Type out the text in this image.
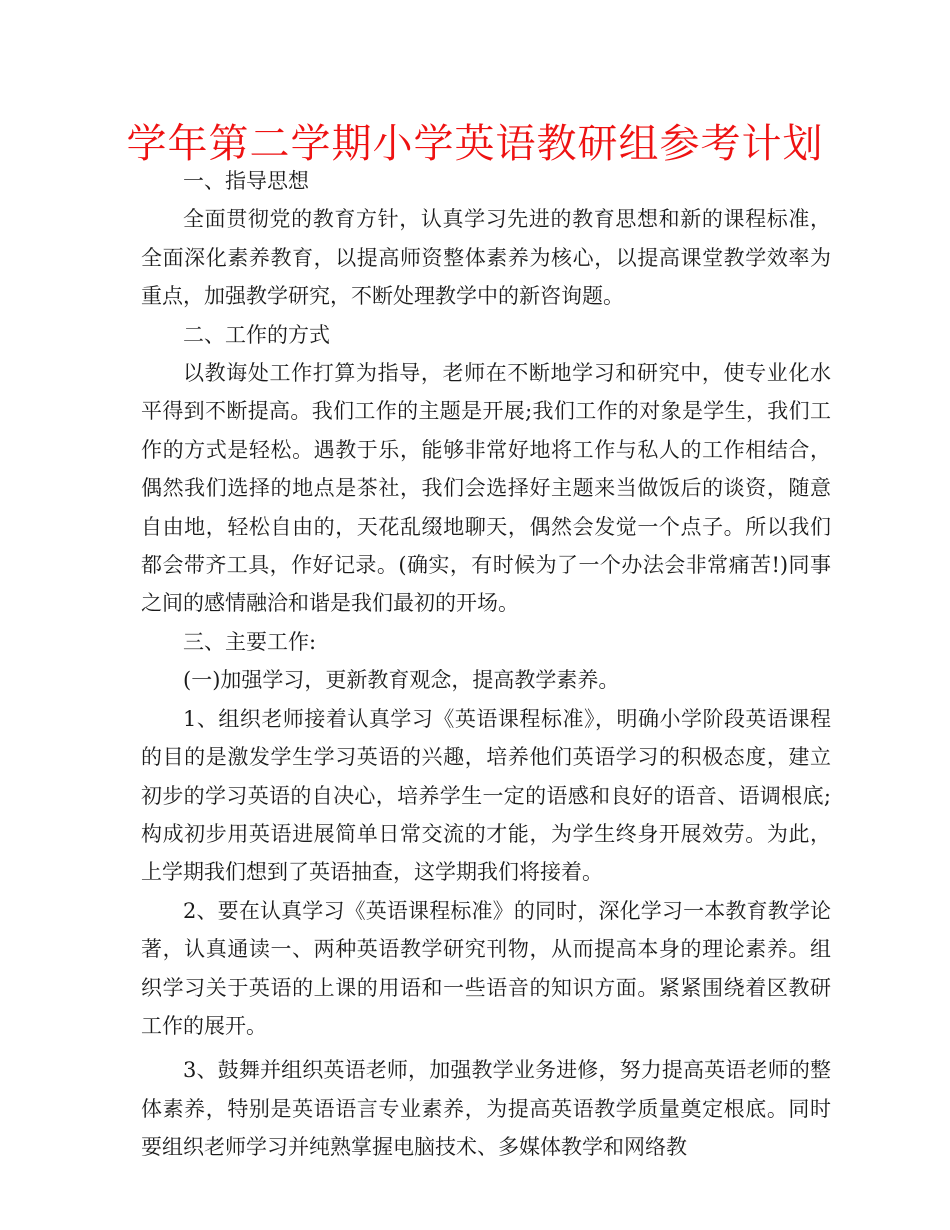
学年第二学期小学英语教研组参考计划

一、指导思想

全面贯彻党的教育方针，认真学习先进的教育思想和新的课程标准，全面深化素养教育，以提高师资整体素养为核心，以提高课堂教学效率为重点，加强教学研究，不断处理教学中的新咨询题。

二、工作的方式

以教诲处工作打算为指导，老师在不断地学习和研究中，使专业化水平得到不断提高。我们工作的主题是开展;我们工作的对象是学生，我们工作的方式是轻松。遇教于乐，能够非常好地将工作与私人的工作相结合，偶然我们选择的地点是茶社，我们会选择好主题来当做饭后的谈资，随意自由地，轻松自由的，天花乱缀地聊天，偶然会发觉一个点子。所以我们都会带齐工具，作好记录。(确实，有时候为了一个办法会非常痛苦!)同事之间的感情融洽和谐是我们最初的开场。

三、主要工作:

(一)加强学习，更新教育观念，提高教学素养。

1、组织老师接着认真学习《英语课程标准》，明确小学阶段英语课程的目的是激发学生学习英语的兴趣，培养他们英语学习的积极态度，建立初步的学习英语的自决心，培养学生一定的语感和良好的语音、语调根底;构成初步用英语进展简单日常交流的才能，为学生终身开展效劳。为此，上学期我们想到了英语抽查，这学期我们将接着。

2、要在认真学习《英语课程标准》的同时，深化学习一本教育教学论著，认真通读一、两种英语教学研究刊物，从而提高本身的理论素养。组织学习关于英语的上课的用语和一些语音的知识方面。紧紧围绕着区教研工作的展开。

3、鼓舞并组织英语老师，加强教学业务进修，努力提高英语老师的整体素养，特别是英语语言专业素养，为提高英语教学质量奠定根底。同时要组织老师学习并纯熟掌握电脑技术、多媒体教学和网络教
